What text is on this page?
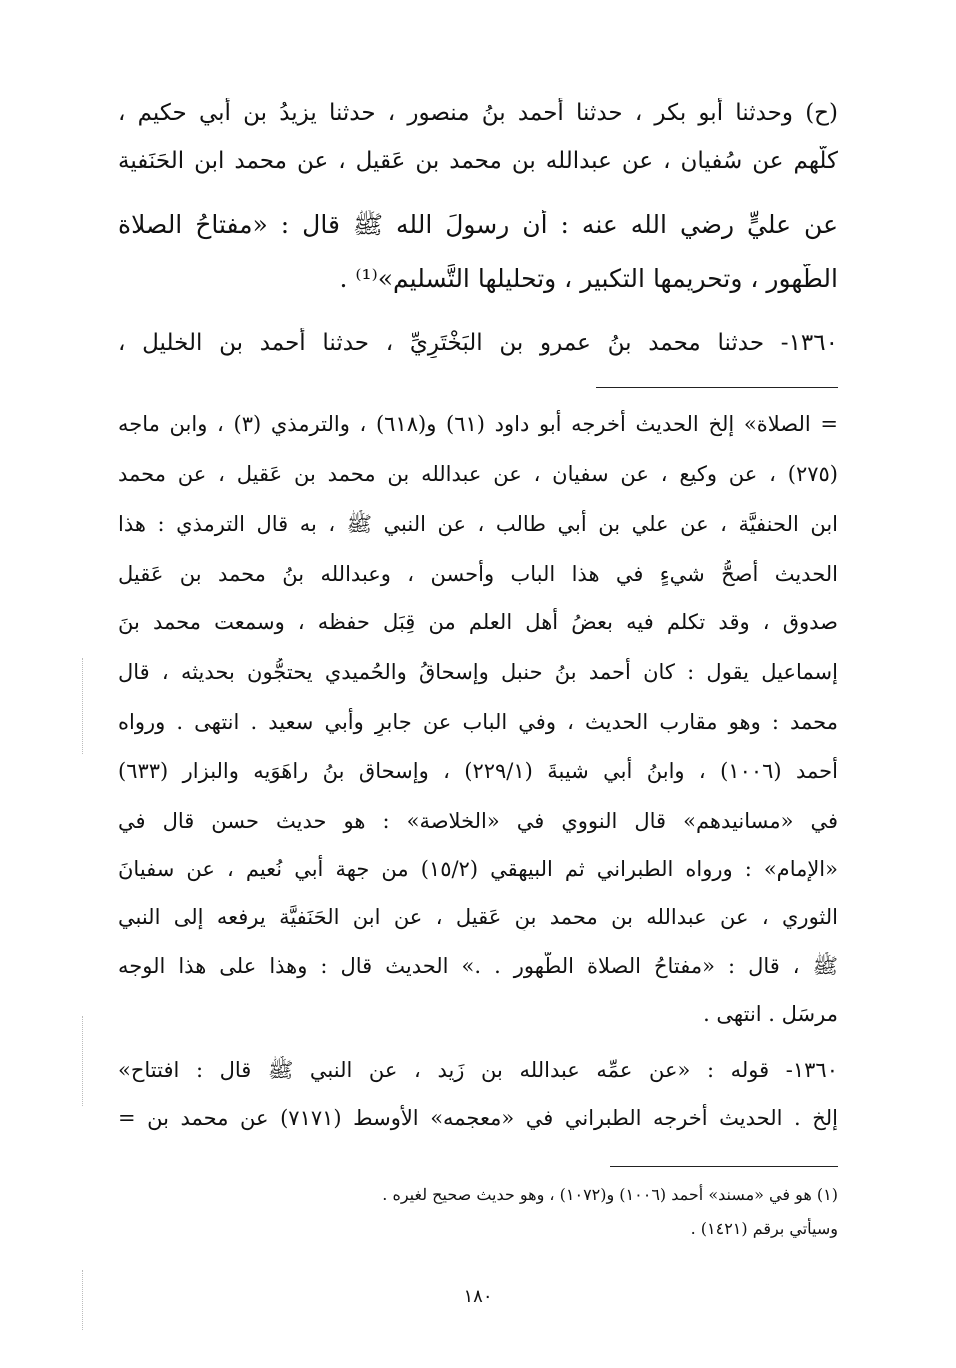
(ح) وحدثنا أبو بكر ، حدثنا أحمد بنُ منصور ، حدثنا يزيدُ بن أبي حكيم ،
كلُّهم عن سُفيان ، عن عبدالله بن محمد بن عَقيل ، عن محمد ابن الحَنَفية
عن عليٍّ رضي الله عنه : أن رسولَ الله ﷺ قال : «مفتاحُ الصلاة
الطُّهور ، وتحريمها التكبير ، وتحليلها التَّسليم»⁽¹⁾ .
١٣٦٠- حدثنا محمد بنُ عمرو بن البَخْتَرِيِّ ، حدثنا أحمد بن الخليل ،
= الصلاة» إلخ الحديث أخرجه أبو داود (٦١) و(٦١٨) ، والترمذي (٣) ، وابن ماجه
(٢٧٥) ، عن وكيع ، عن سفيان ، عن عبدالله بن محمد بن عَقيل ، عن محمد
ابن الحنفيَّة ، عن علي بن أبي طالب ، عن النبي ﷺ ، به قال الترمذي : هذا
الحديث أصحُّ شيءٍ في هذا الباب وأحسن ، وعبدالله بنُ محمد بن عَقيل
صدوق ، وقد تكلم فيه بعضُ أهل العلم من قِبَل حفظه ، وسمعت محمد بنَ
إسماعيل يقول : كان أحمد بنُ حنبل وإسحاقُ والحُميدي يحتجُّون بحديثه ، قال
محمد : وهو مقارب الحديث ، وفي الباب عن جابرٍ وأبي سعيد . انتهى . ورواه
أحمد (١٠٠٦) ، وابنُ أبي شيبةَ (٢٢٩/١) ، وإسحاق بنُ راهَوَيه والبزار (٦٣٣)
في «مسانيدهم» قال النووي في «الخلاصة» : هو حديث حسن قال في
«الإمام» : ورواه الطبراني ثم البيهقي (١٥/٢) من جهة أبي نُعيم ، عن سفيانَ
الثوري ، عن عبدالله بن محمد بنِ عَقيل ، عن ابن الحَنَفيَّة يرفعه إلى النبي
ﷺ ، قال : «مفتاحُ الصلاة الطُّهور . .» الحديث قال : وهذا على هذا الوجه
مرسَل . انتهى .
١٣٦٠- قوله : «عن عمِّه عبدالله بن زَيد ، عن النبي ﷺ قال : افتتاح»
إلخ . الحديث أخرجه الطبراني في «معجمه» الأوسط (٧١٧١) عن محمد بن =
(١) هو في «مسند» أحمد (١٠٠٦) و(١٠٧٢) ، وهو حديث صحيح لغيره .
وسيأتي برقم (١٤٢١) .
١٨٠
